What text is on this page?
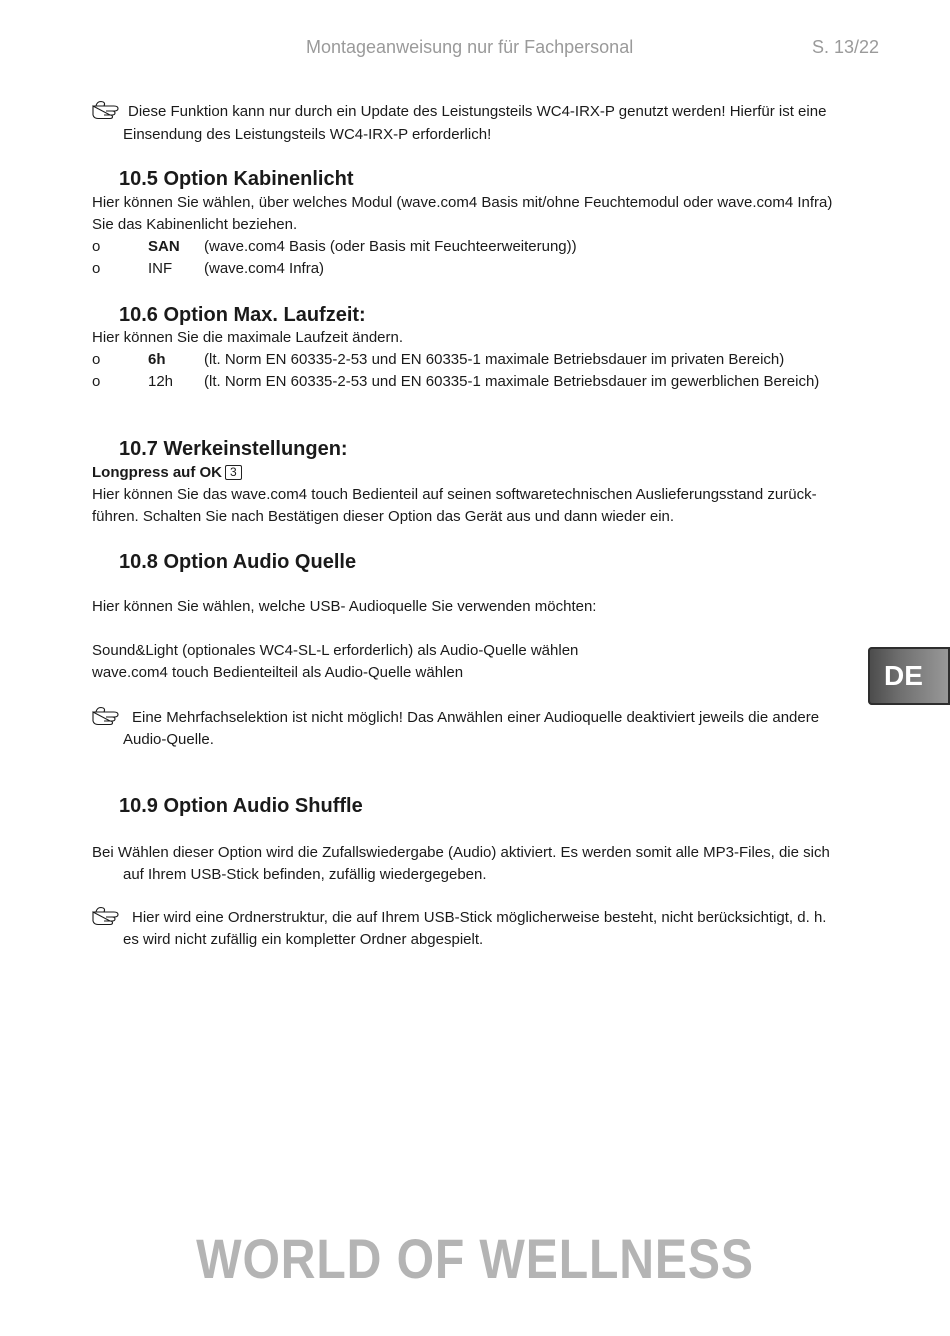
Montageanweisung nur für Fachpersonal	S. 13/22
Diese Funktion kann nur durch ein Update des Leistungsteils WC4-IRX-P genutzt werden! Hierfür ist eine
Einsendung des Leistungsteils WC4-IRX-P erforderlich!
10.5 Option Kabinenlicht
Hier können Sie wählen, über welches Modul (wave.com4 Basis mit/ohne Feuchtemodul oder wave.com4 Infra)
Sie das Kabinenlicht beziehen.
o	SAN (wave.com4 Basis (oder Basis mit Feuchteerweiterung))
o	INF (wave.com4 Infra)
10.6 Option Max. Laufzeit:
Hier können Sie die maximale Laufzeit ändern.
o	6h	(lt. Norm EN 60335-2-53 und EN 60335-1 maximale Betriebsdauer im privaten Bereich)
o	12h (lt. Norm EN 60335-2-53 und EN 60335-1 maximale Betriebsdauer im gewerblichen Bereich)
10.7 Werkeinstellungen:
Longpress auf OK 3
Hier können Sie das wave.com4 touch Bedienteil auf seinen softwaretechnischen Auslieferungsstand zurück-
führen. Schalten Sie nach Bestätigen dieser Option das Gerät aus und dann wieder ein.
10.8 Option Audio Quelle
Hier können Sie wählen, welche USB- Audioquelle Sie verwenden möchten:
Sound&Light (optionales WC4-SL-L erforderlich) als Audio-Quelle wählen
wave.com4 touch Bedienteilteil als Audio-Quelle wählen
Eine Mehrfachselektion ist nicht möglich! Das Anwählen einer Audioquelle deaktiviert jeweils die andere
Audio-Quelle.
10.9 Option Audio Shuffle
Bei Wählen dieser Option wird die Zufallswiedergabe (Audio) aktiviert. Es werden somit alle MP3-Files, die sich
auf Ihrem USB-Stick befinden, zufällig wiedergegeben.
Hier wird eine Ordnerstruktur, die auf Ihrem USB-Stick möglicherweise besteht, nicht berücksichtigt, d. h.
es wird nicht zufällig ein kompletter Ordner abgespielt.
DE
WORLD OF WELLNESS
